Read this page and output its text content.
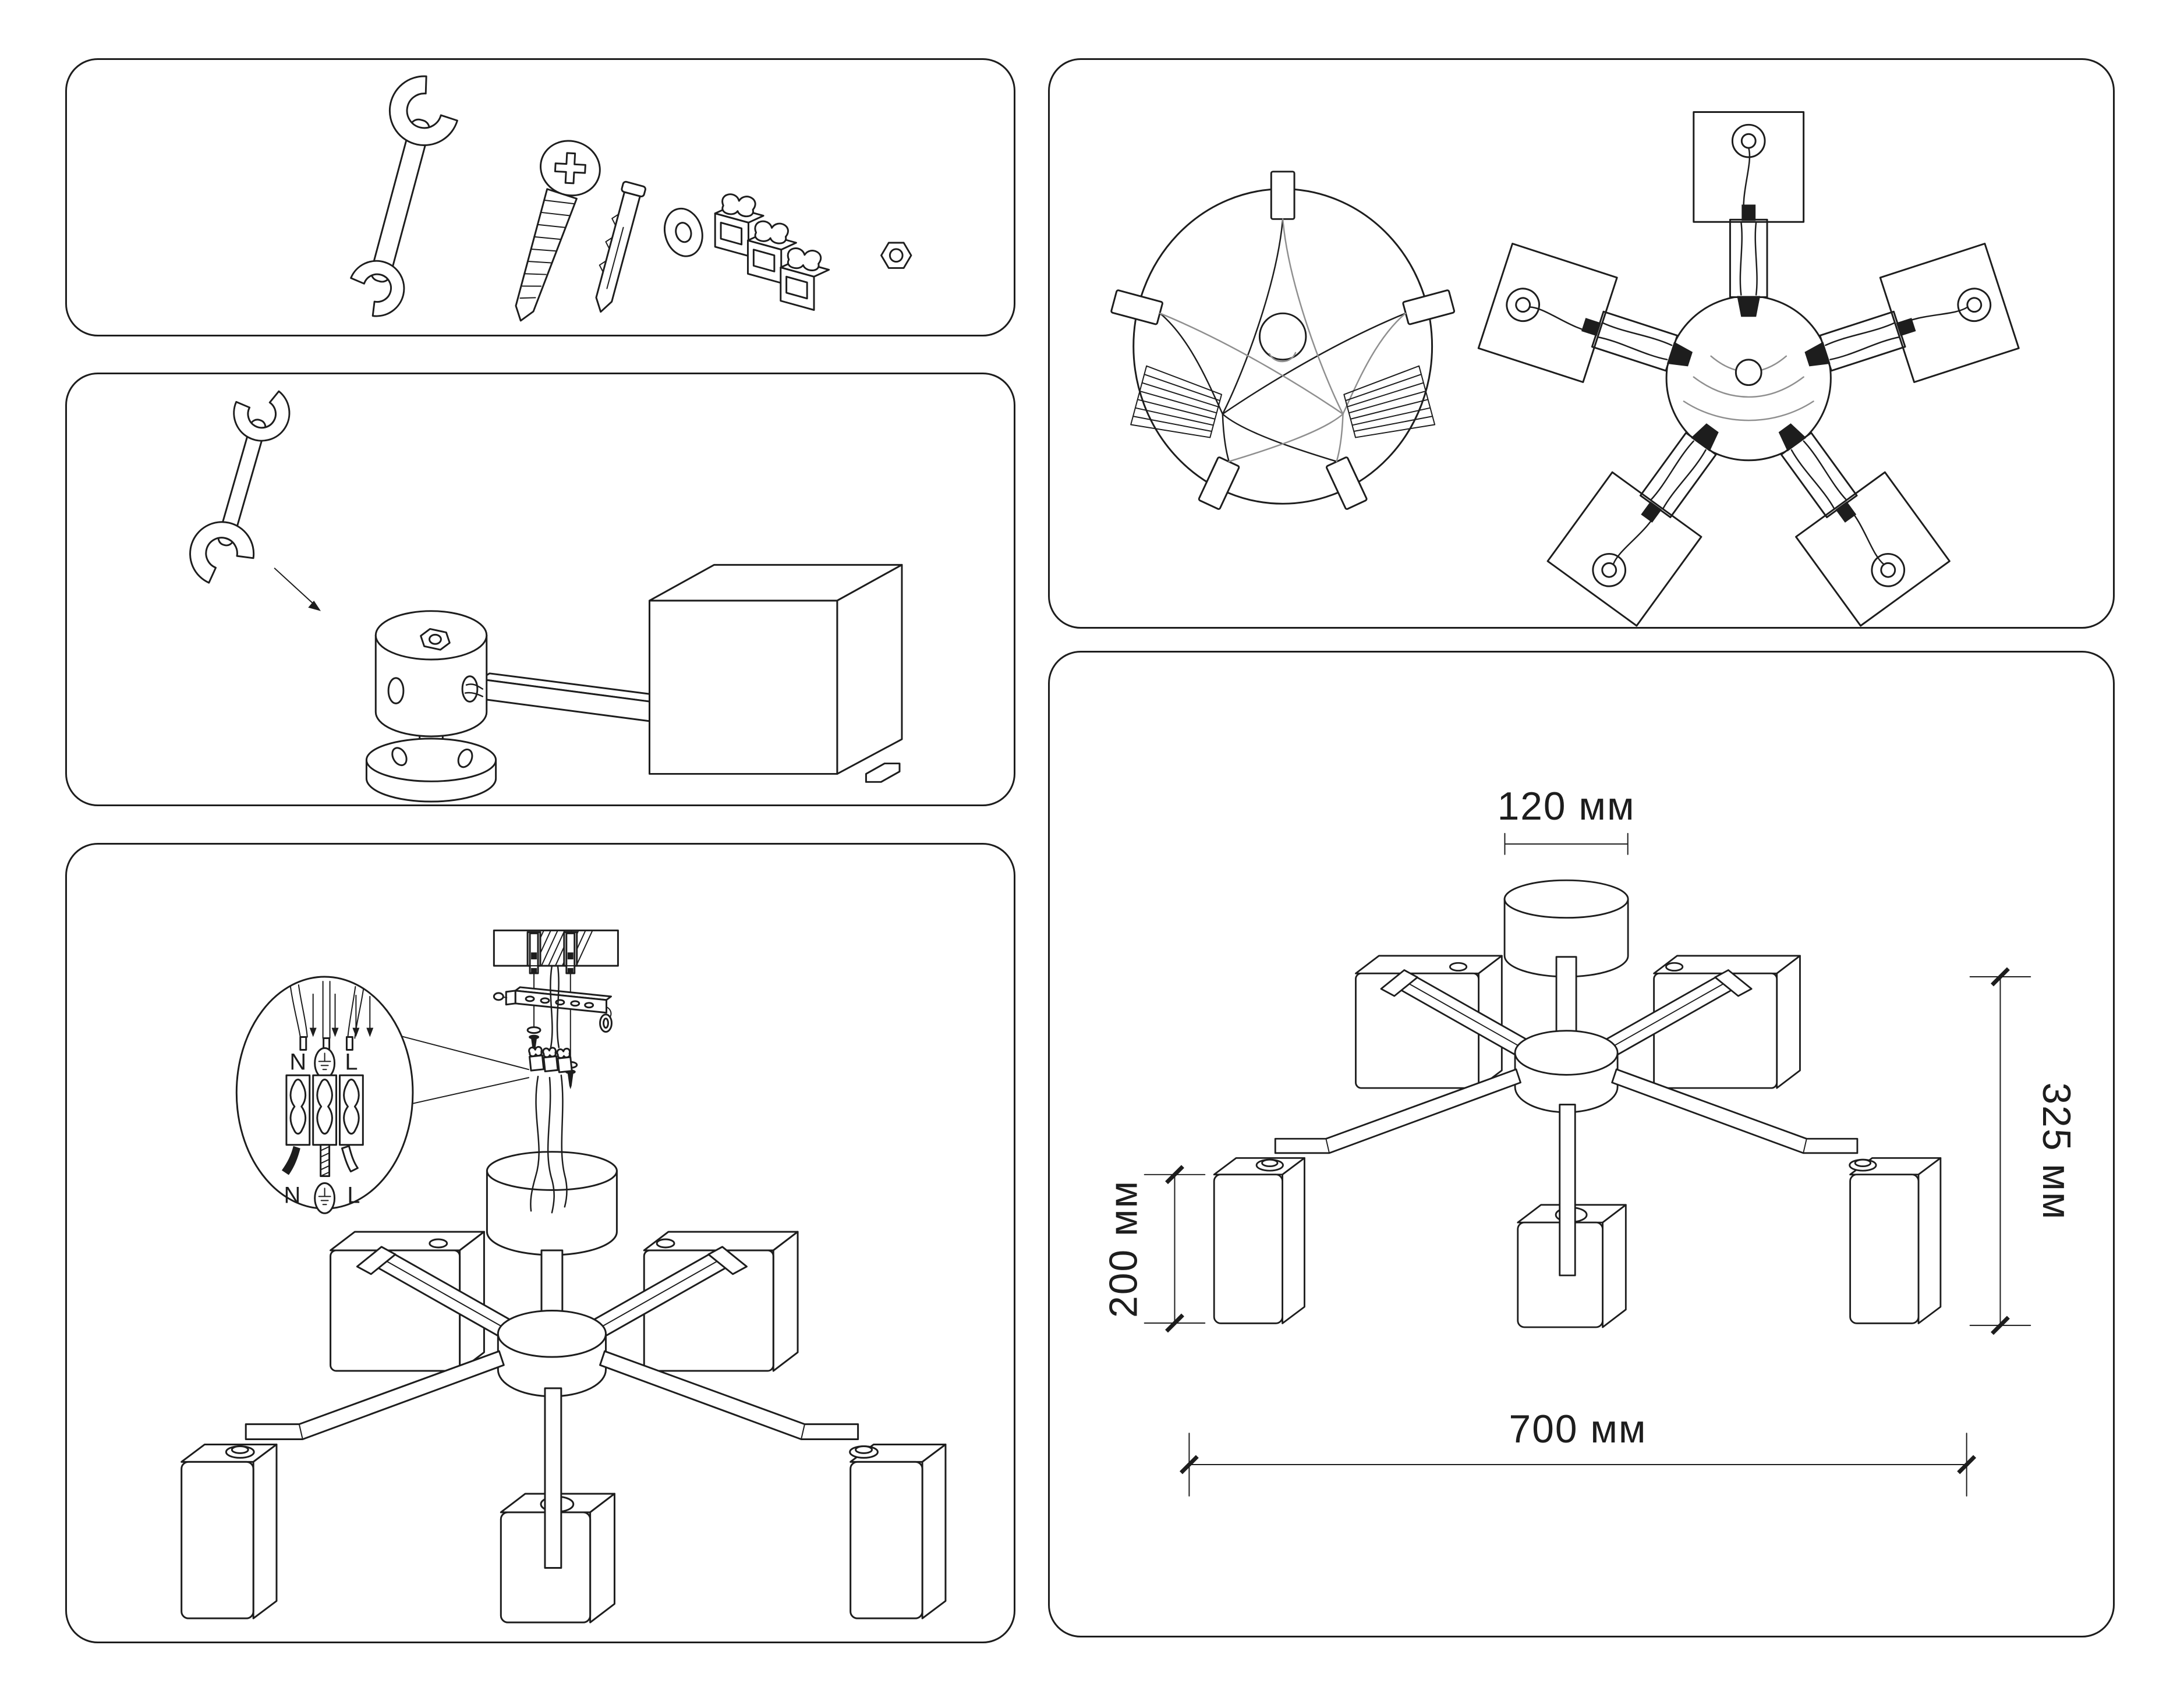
N L
N L
120 мм
200 мм
325 мм
700 мм
